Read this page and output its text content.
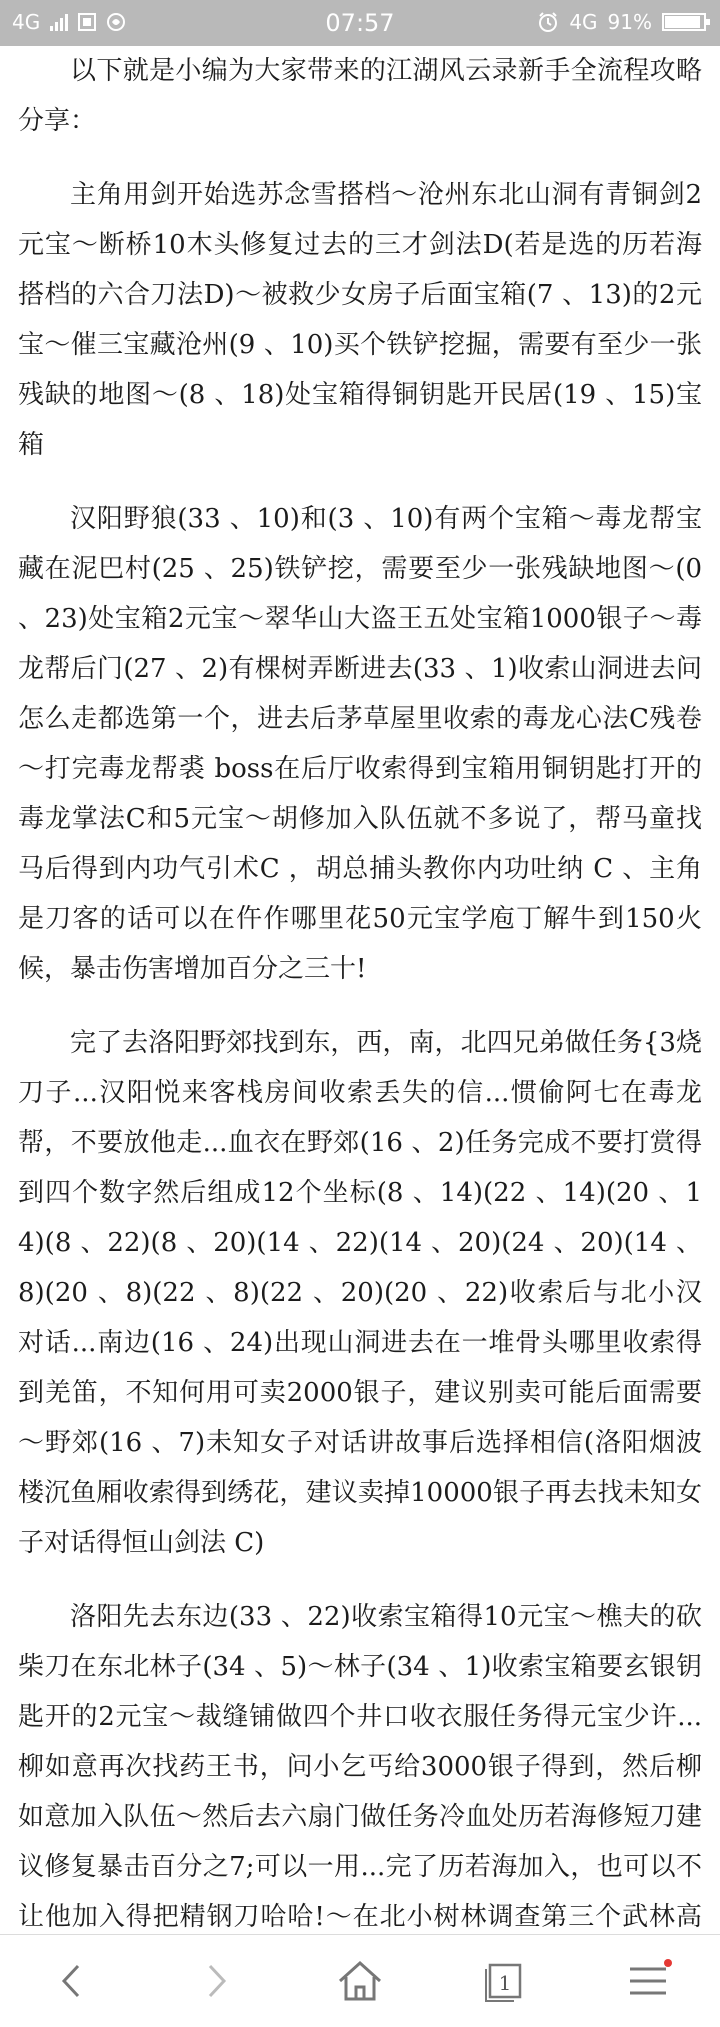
4G	07:57	4G 91%

以下就是小编为大家带来的江湖风云录新手全流程攻略分享：

主角用剑开始选苏念雪搭档～沧州东北山洞有青铜剑2元宝～断桥10木头修复过去的三才剑法D(若是选的历若海搭档的六合刀法D)～被救少女房子后面宝箱(7 、13)的2元宝～催三宝藏沧州(9 、10)买个铁铲挖掘，需要有至少一张残缺的地图～(8 、18)处宝箱得铜钥匙开民居(19 、15)宝箱

汉阳野狼(33 、10)和(3 、10)有两个宝箱～毒龙帮宝藏在泥巴村(25 、25)铁铲挖，需要至少一张残缺地图～(0 、23)处宝箱2元宝～翠华山大盗王五处宝箱1000银子～毒龙帮后门(27 、2)有棵树弄断进去(33 、1)收索山洞进去问怎么走都选第一个，进去后茅草屋里收索的毒龙心法C残卷～打完毒龙帮裘 boss在后厅收索得到宝箱用铜钥匙打开的毒龙掌法C和5元宝～胡修加入队伍就不多说了，帮马童找马后得到内功气引术C ，胡总捕头教你内功吐纳 C 、主角是刀客的话可以在仵作哪里花50元宝学庖丁解牛到150火候，暴击伤害增加百分之三十!

完了去洛阳野郊找到东，西，南，北四兄弟做任务{3烧刀子...汉阳悦来客栈房间收索丢失的信...惯偷阿七在毒龙帮，不要放他走...血衣在野郊(16 、2)任务完成不要打赏得到四个数字然后组成12个坐标(8 、14)(22 、14)(20 、14)(8 、22)(8 、20)(14 、22)(14 、20)(24 、20)(14 、8)(20 、8)(22 、8)(22 、20)(20 、22)收索后与北小汉对话...南边(16 、24)出现山洞进去在一堆骨头哪里收索得到羌笛，不知何用可卖2000银子，建议别卖可能后面需要～野郊(16 、7)未知女子对话讲故事后选择相信(洛阳烟波楼沉鱼厢收索得到绣花，建议卖掉10000银子再去找未知女子对话得恒山剑法 C)

洛阳先去东边(33 、22)收索宝箱得10元宝～樵夫的砍柴刀在东北林子(34 、5)～林子(34 、1)收索宝箱要玄银钥匙开的2元宝～裁缝铺做四个井口收衣服任务得元宝少许...柳如意再次找药王书，问小乞丐给3000银子得到，然后柳如意加入队伍～然后去六扇门做任务冷血处历若海修短刀建议修复暴击百分之7;可以一用...完了历若海加入，也可以不让他加入得把精钢刀哈哈!～在北小树林调查第三个武林高

1
